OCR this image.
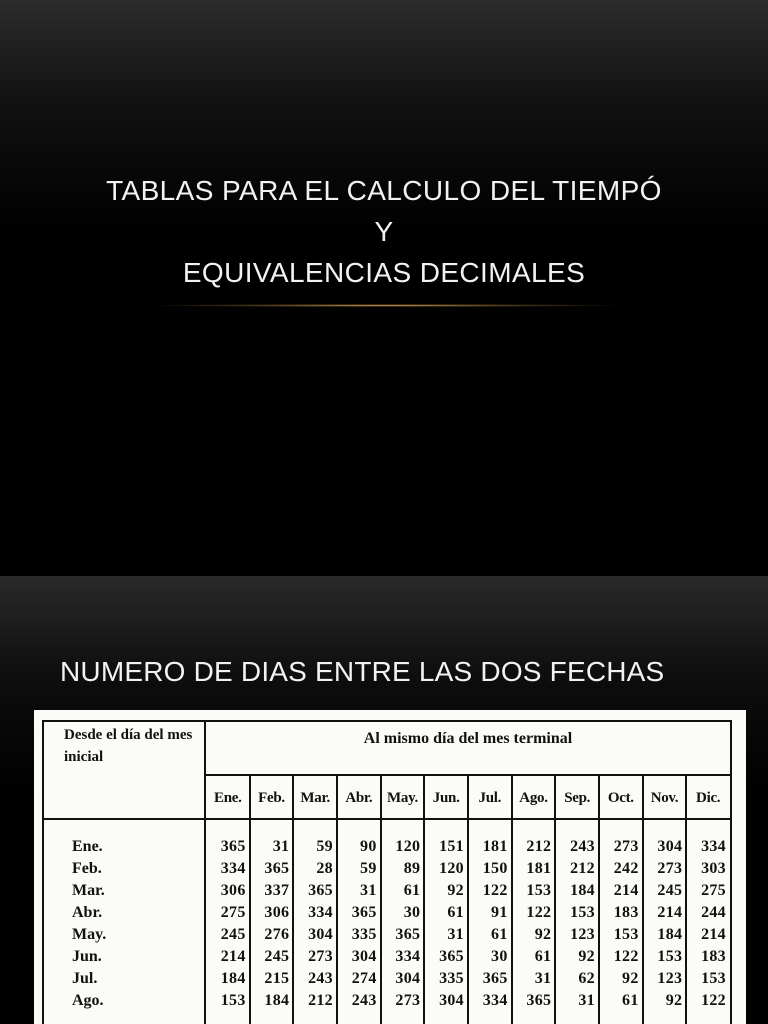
TABLAS PARA EL CALCULO DEL TIEMPÓ
Y
EQUIVALENCIAS DECIMALES
NUMERO DE DIAS ENTRE LAS DOS FECHAS
Desde el día del mes inicial
Al mismo día del mes terminal
Ene.	Feb.	Mar.	Abr. May. Jun.	Jul.	Ago.	Sep.	Oct.	Nov.	Dic.
Ene.	365	31	59	90	120	151	181	212	243	273	304	334
Feb.	334	365	28	59	89	120	150	181	212	242	273	303
Mar.	306	337	365	31	61	92	122	153	184	214	245	275
Abr.	275	306	334	365	30	61	91	122	153	183	214	244
May.	245	276	304	335	365	31	61	92	123	153	184	214
Jun.	214	245	273	304	334	365	30	61	92	122	153	183
Jul.	184	215	243	274	304	335	365	31	62	92	123	153
Ago.	153	184	212	243	273	304	334	365	31	61	92	122
